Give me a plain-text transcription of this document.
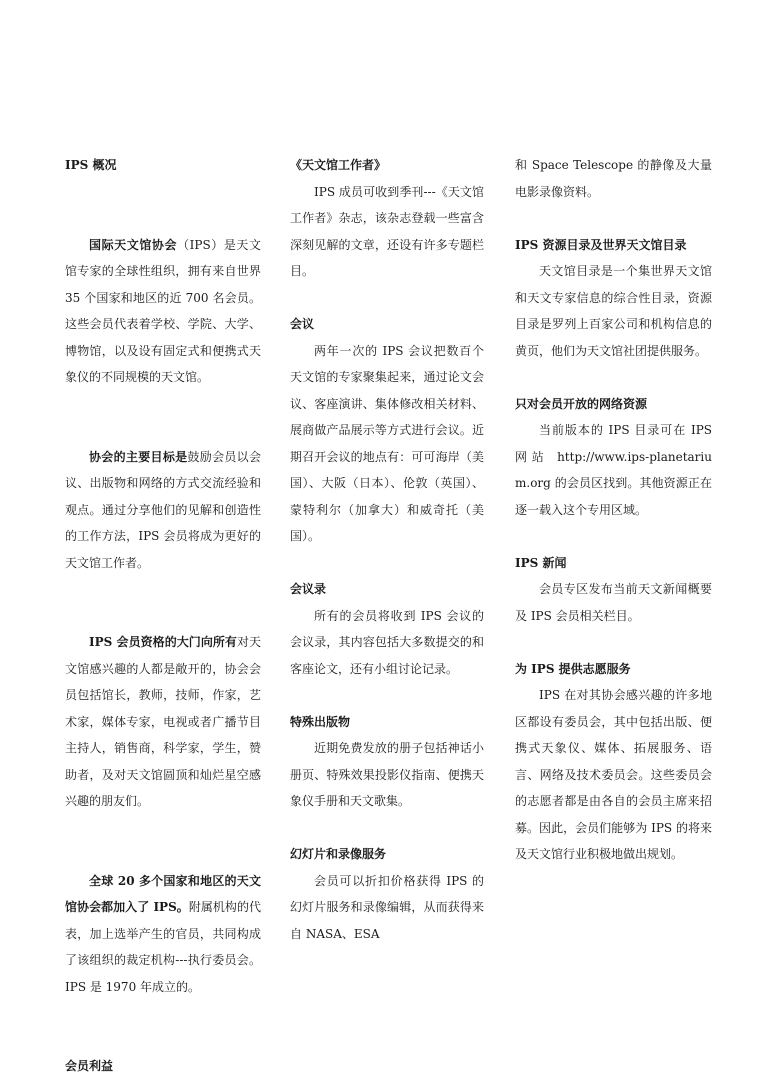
IPS 概况

国际天文馆协会（IPS）是天文馆专家的全球性组织，拥有来自世界 35 个国家和地区的近 700 名会员。这些会员代表着学校、学院、大学、博物馆，以及设有固定式和便携式天象仪的不同规模的天文馆。

协会的主要目标是鼓励会员以会议、出版物和网络的方式交流经验和观点。通过分享他们的见解和创造性的工作方法，IPS 会员将成为更好的天文馆工作者。

IPS 会员资格的大门向所有对天文馆感兴趣的人都是敞开的，协会会员包括馆长，教师，技师，作家，艺术家，媒体专家，电视或者广播节目主持人，销售商，科学家，学生，赞助者，及对天文馆圆顶和灿烂星空感兴趣的朋友们。

全球 20 多个国家和地区的天文馆协会都加入了 IPS。附属机构的代表，加上选举产生的官员，共同构成了该组织的裁定机构---执行委员会。IPS 是 1970 年成立的。

会员利益
《天文馆工作者》

IPS 成员可收到季刊---《天文馆工作者》杂志，该杂志登载一些富含深刻见解的文章，还设有许多专题栏目。

会议

两年一次的 IPS 会议把数百个天文馆的专家聚集起来，通过论文会议、客座演讲、集体修改相关材料、展商做产品展示等方式进行会议。近期召开会议的地点有：可可海岸（美国）、大阪（日本）、伦敦（英国）、蒙特利尔（加拿大）和威奇托（美国）。

会议录

所有的会员将收到 IPS 会议的会议录，其内容包括大多数提交的和客座论文，还有小组讨论记录。

特殊出版物

近期免费发放的册子包括神话小册页、特殊效果投影仪指南、便携天象仪手册和天文歌集。

幻灯片和录像服务

会员可以折扣价格获得 IPS 的幻灯片服务和录像编辑，从而获得来自 NASA、ESA

和 Space Telescope 的静像及大量电影录像资料。

IPS 资源目录及世界天文馆目录

天文馆目录是一个集世界天文馆和天文专家信息的综合性目录，资源目录是罗列上百家公司和机构信息的黄页，他们为天文馆社团提供服务。

只对会员开放的网络资源

当前版本的 IPS 目录可在 IPS 网站 http://www.ips-planetarium.org 的会员区找到。其他资源正在逐一载入这个专用区域。

IPS 新闻

会员专区发布当前天文新闻概要及 IPS 会员相关栏目。

为 IPS 提供志愿服务

IPS 在对其协会感兴趣的许多地区都设有委员会，其中包括出版、便携式天象仪、媒体、拓展服务、语言、网络及技术委员会。这些委员会的志愿者都是由各自的会员主席来招募。因此，会员们能够为 IPS 的将来及天文馆行业积极地做出规划。
